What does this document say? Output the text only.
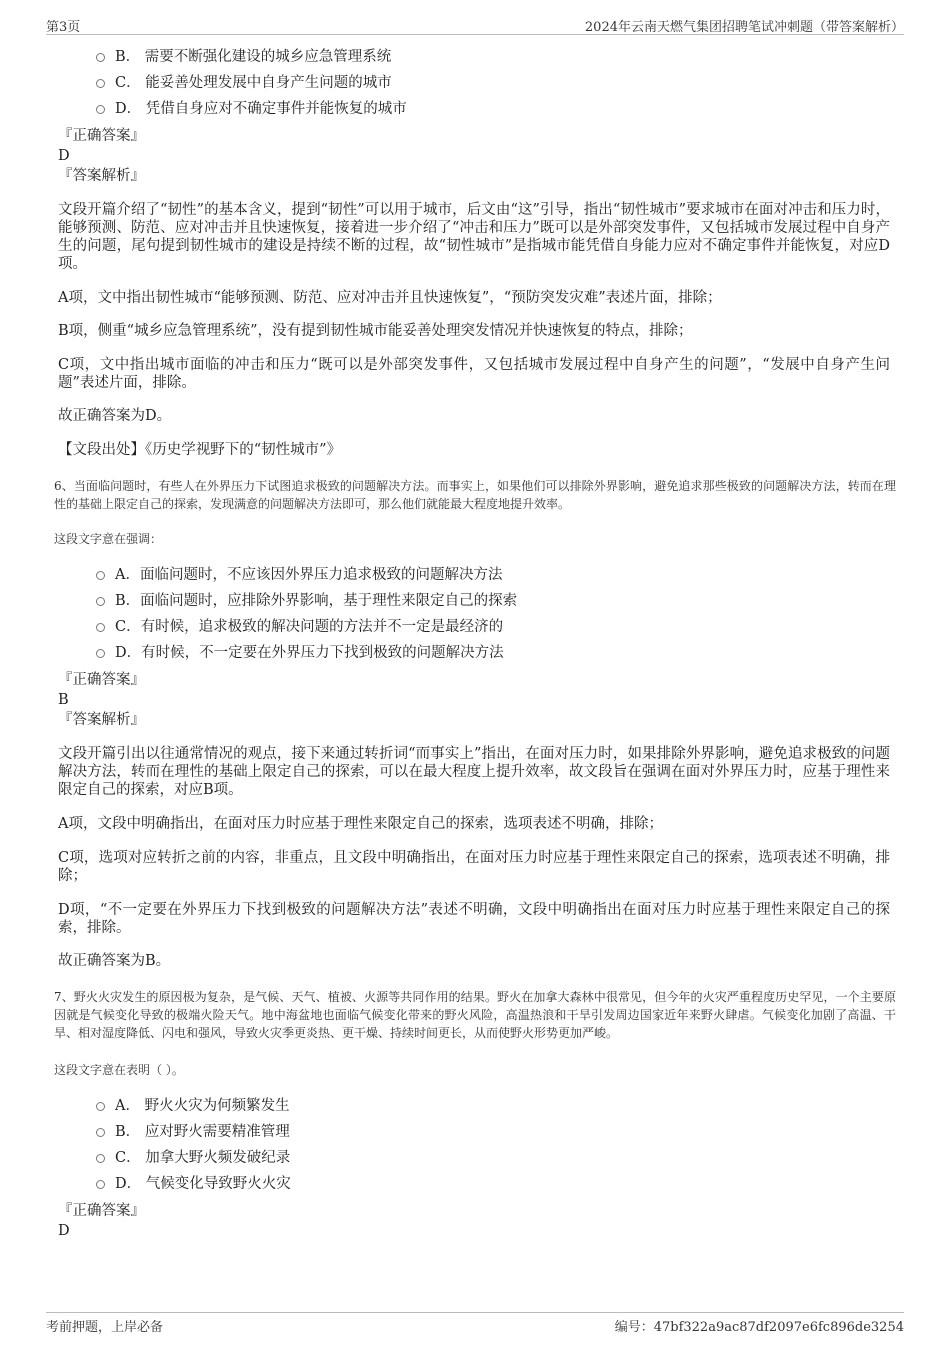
第3页	2024年云南天燃气集团招聘笔试冲刺题（带答案解析）
B． 需要不断强化建设的城乡应急管理系统
C． 能妥善处理发展中自身产生问题的城市
D． 凭借自身应对不确定事件并能恢复的城市
『正确答案』
D
『答案解析』
文段开篇介绍了“韧性”的基本含义，提到“韧性”可以用于城市，后文由“这”引导，指出“韧性城市”要求城市在面对冲击和压力时，能够预测、防范、应对冲击并且快速恢复，接着进一步介绍了“冲击和压力”既可以是外部突发事件，又包括城市发展过程中自身产生的问题，尾句提到韧性城市的建设是持续不断的过程，故“韧性城市”是指城市能凭借自身能力应对不确定事件并能恢复，对应D项。
A项，文中指出韧性城市“能够预测、防范、应对冲击并且快速恢复”，“预防突发灾难”表述片面，排除；
B项，侧重“城乡应急管理系统”，没有提到韧性城市能妥善处理突发情况并快速恢复的特点，排除；
C项，文中指出城市面临的冲击和压力“既可以是外部突发事件，又包括城市发展过程中自身产生的问题”，“发展中自身产生问题”表述片面，排除。
故正确答案为D。
【文段出处】《历史学视野下的“韧性城市”》
6、当面临问题时，有些人在外界压力下试图追求极致的问题解决方法。而事实上，如果他们可以排除外界影响，避免追求那些极致的问题解决方法，转而在理性的基础上限定自己的探索，发现满意的问题解决方法即可，那么他们就能最大程度地提升效率。
这段文字意在强调：
A．面临问题时，不应该因外界压力追求极致的问题解决方法
B．面临问题时，应排除外界影响，基于理性来限定自己的探索
C．有时候，追求极致的解决问题的方法并不一定是最经济的
D．有时候，不一定要在外界压力下找到极致的问题解决方法
『正确答案』
B
『答案解析』
文段开篇引出以往通常情况的观点，接下来通过转折词“而事实上”指出，在面对压力时，如果排除外界影响，避免追求极致的问题解决方法，转而在理性的基础上限定自己的探索，可以在最大程度上提升效率，故文段旨在强调在面对外界压力时，应基于理性来限定自己的探索，对应B项。
A项，文段中明确指出，在面对压力时应基于理性来限定自己的探索，选项表述不明确，排除；
C项，选项对应转折之前的内容，非重点，且文段中明确指出，在面对压力时应基于理性来限定自己的探索，选项表述不明确，排除；
D项，“不一定要在外界压力下找到极致的问题解决方法”表述不明确，文段中明确指出在面对压力时应基于理性来限定自己的探索，排除。
故正确答案为B。
7、野火火灾发生的原因极为复杂，是气候、天气、植被、火源等共同作用的结果。野火在加拿大森林中很常见，但今年的火灾严重程度历史罕见，一个主要原因就是气候变化导致的极端火险天气。地中海盆地也面临气候变化带来的野火风险，高温热浪和干旱引发周边国家近年来野火肆虐。气候变化加剧了高温、干旱、相对湿度降低、闪电和强风，导致火灾季更炎热、更干燥、持续时间更长，从而使野火形势更加严峻。
这段文字意在表明（ ）。
A． 野火火灾为何频繁发生
B． 应对野火需要精准管理
C． 加拿大野火频发破纪录
D． 气候变化导致野火火灾
『正确答案』
D
考前押题，上岸必备	编号：47bf322a9ac87df2097e6fc896de3254
